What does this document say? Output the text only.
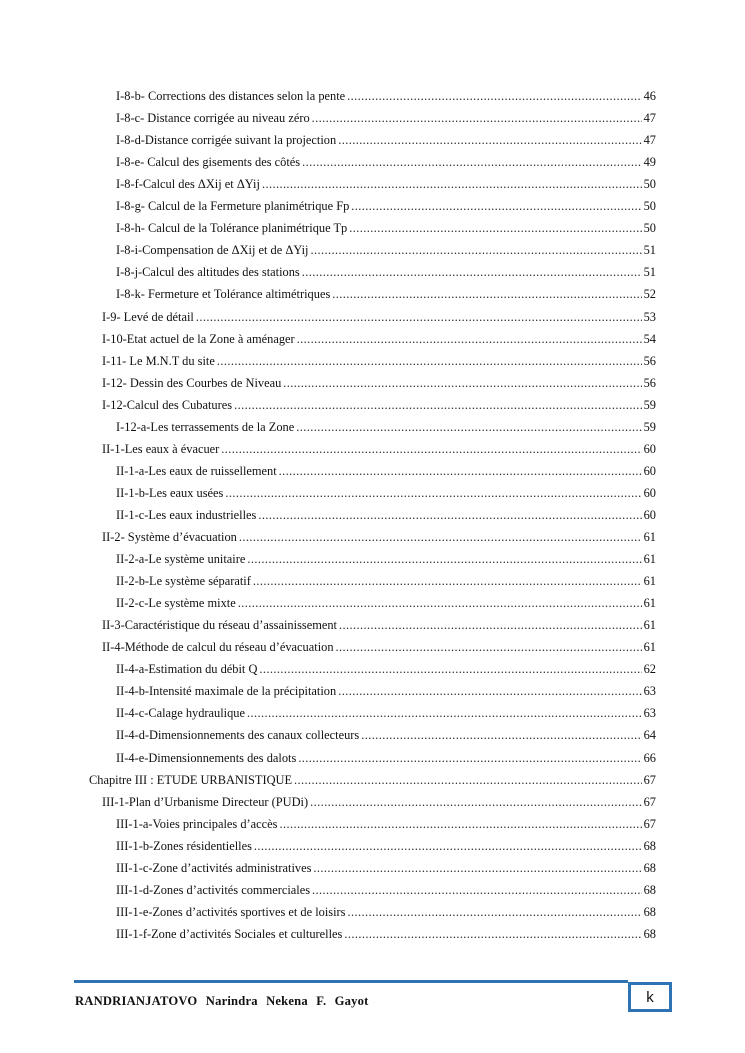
I-8-b- Corrections des distances selon la pente .....	46
I-8-c- Distance corrigée au niveau zéro .....	47
I-8-d-Distance corrigée suivant la projection .....	47
I-8-e- Calcul des gisements des côtés .....	49
I-8-f-Calcul des ΔXij et ΔYij .....	50
I-8-g- Calcul de la Fermeture planimétrique Fp .....	50
I-8-h- Calcul de la Tolérance planimétrique Tp .....	50
I-8-i-Compensation de ΔXij et de ΔYij .....	51
I-8-j-Calcul des altitudes des stations .....	51
I-8-k- Fermeture et Tolérance altimétriques .....	52
I-9- Levé de détail .....	53
I-10-Etat actuel de la Zone à aménager .....	54
I-11- Le M.N.T du site .....	56
I-12- Dessin des Courbes de Niveau .....	56
I-12-Calcul des Cubatures .....	59
I-12-a-Les terrassements de la Zone .....	59
II-1-Les eaux à évacuer .....	60
II-1-a-Les eaux de ruissellement .....	60
II-1-b-Les eaux usées .....	60
II-1-c-Les eaux industrielles .....	60
II-2- Système d’évacuation .....	61
II-2-a-Le système unitaire .....	61
II-2-b-Le système séparatif .....	61
II-2-c-Le système mixte .....	61
II-3-Caractéristique du réseau d’assainissement .....	61
II-4-Méthode de calcul du réseau d’évacuation .....	61
II-4-a-Estimation du débit Q .....	62
II-4-b-Intensité maximale de la précipitation .....	63
II-4-c-Calage hydraulique .....	63
II-4-d-Dimensionnements des canaux collecteurs .....	64
II-4-e-Dimensionnements des dalots .....	66
Chapitre III : ETUDE URBANISTIQUE .....	67
III-1-Plan d’Urbanisme Directeur (PUDi) .....	67
III-1-a-Voies principales d’accès .....	67
III-1-b-Zones résidentielles .....	68
III-1-c-Zone d’activités administratives .....	68
III-1-d-Zones d’activités commerciales .....	68
III-1-e-Zones d’activités sportives et de loisirs .....	68
III-1-f-Zone d’activités Sociales et culturelles .....	68
RANDRIANJATOVO Narindra Nekena F. Gayot	k
